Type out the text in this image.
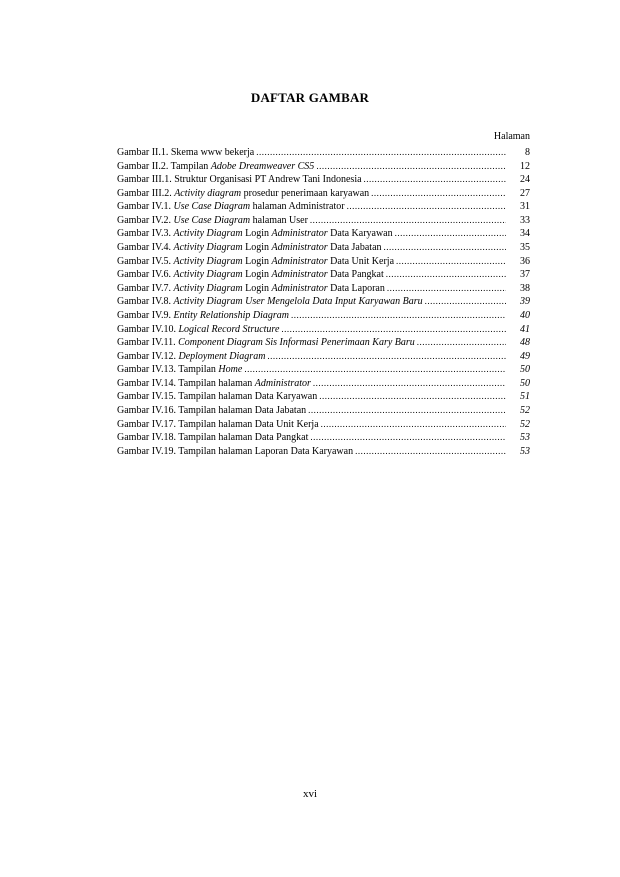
DAFTAR GAMBAR
Halaman
Gambar II.1. Skema www bekerja .....	8
Gambar II.2. Tampilan Adobe Dreamweaver CS5 .....	12
Gambar III.1. Struktur Organisasi PT Andrew Tani Indonesia .....	24
Gambar III.2. Activity diagram prosedur penerimaan karyawan .....	27
Gambar IV.1. Use Case Diagram halaman Administrator .....	31
Gambar IV.2. Use Case Diagram halaman User .....	33
Gambar IV.3. Activity Diagram Login Administrator Data Karyawan .....	34
Gambar IV.4. Activity Diagram Login Administrator Data Jabatan .....	35
Gambar IV.5. Activity Diagram Login Administrator Data Unit Kerja .....	36
Gambar IV.6. Activity Diagram Login Administrator Data Pangkat .....	37
Gambar IV.7. Activity Diagram Login Administrator Data Laporan .....	38
Gambar IV.8. Activity Diagram User Mengelola Data Input Karyawan Baru .....	39
Gambar IV.9. Entity Relationship Diagram .....	40
Gambar IV.10. Logical Record Structure .....	41
Gambar IV.11. Component Diagram Sis Informasi Penerimaan Kary Baru .....	48
Gambar IV.12. Deployment Diagram .....	49
Gambar IV.13. Tampilan Home .....	50
Gambar IV.14. Tampilan halaman Administrator .....	50
Gambar IV.15. Tampilan halaman Data Karyawan .....	51
Gambar IV.16. Tampilan halaman Data Jabatan .....	52
Gambar IV.17. Tampilan halaman Data Unit Kerja .....	52
Gambar IV.18. Tampilan halaman Data Pangkat .....	53
Gambar IV.19. Tampilan halaman Laporan Data Karyawan .....	53
xvi
